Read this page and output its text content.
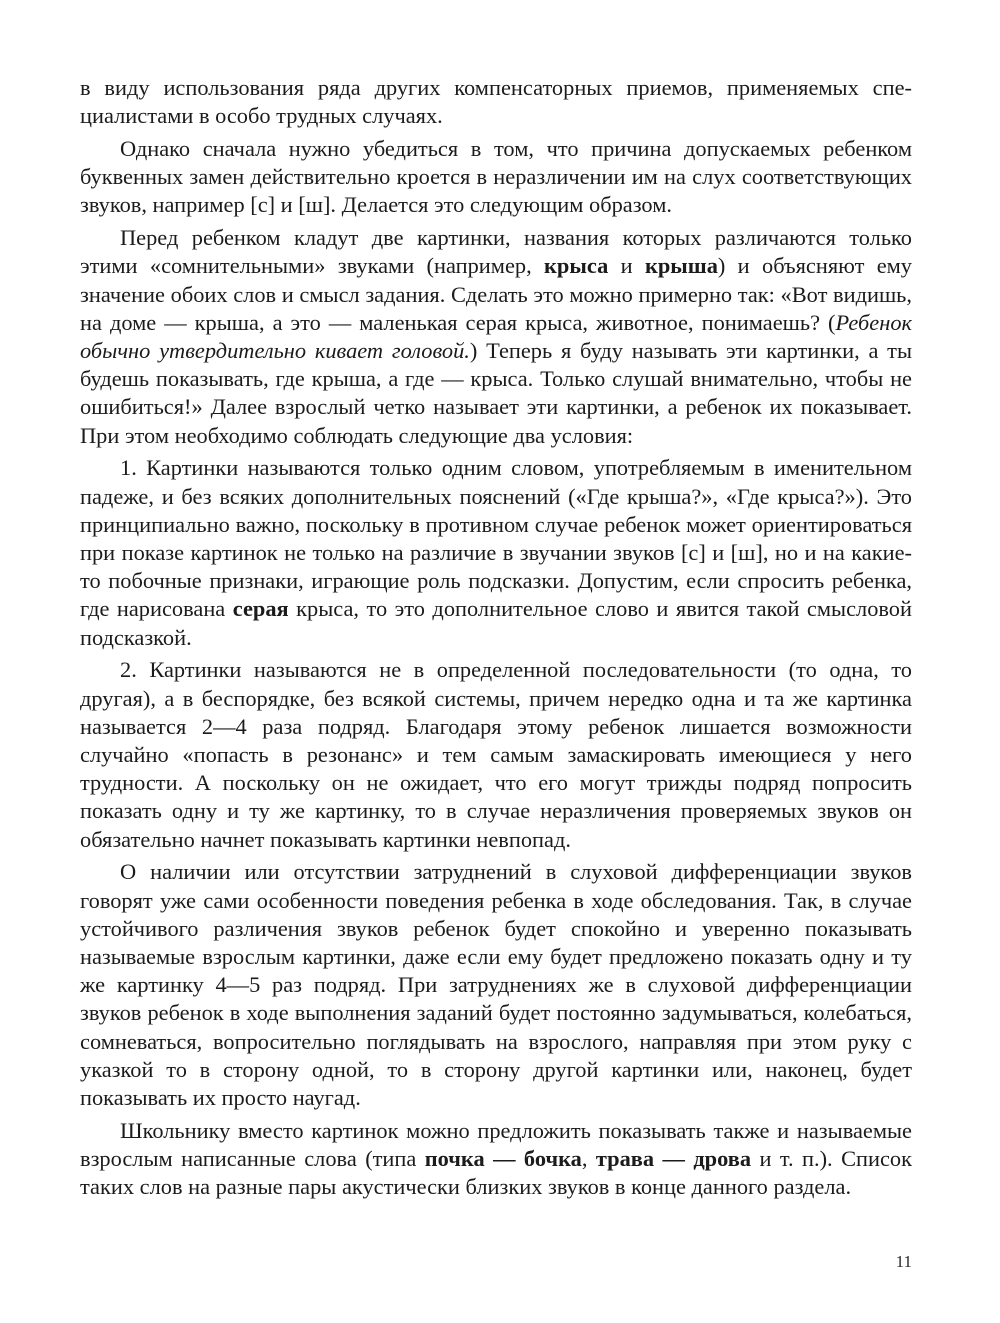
в виду использования ряда других компенсаторных приемов, применяемых специалистами в особо трудных случаях.

Однако сначала нужно убедиться в том, что причина допускаемых ребенком буквенных замен действительно кроется в неразличении им на слух соответствующих звуков, например [с] и [ш]. Делается это следующим образом.

Перед ребенком кладут две картинки, названия которых различаются только этими «сомнительными» звуками (например, крыса и крыша) и объясняют ему значение обоих слов и смысл задания. Сделать это можно примерно так: «Вот видишь, на доме — крыша, а это — маленькая серая крыса, животное, понимаешь? (Ребенок обычно утвердительно кивает головой.) Теперь я буду называть эти картинки, а ты будешь показывать, где крыша, а где — крыса. Только слушай внимательно, чтобы не ошибиться!» Далее взрослый четко называет эти картинки, а ребенок их показывает. При этом необходимо соблюдать следующие два условия:

1. Картинки называются только одним словом, употребляемым в именительном падеже, и без всяких дополнительных пояснений («Где крыша?», «Где крыса?»). Это принципиально важно, поскольку в противном случае ребенок может ориентироваться при показе картинок не только на различие в звучании звуков [с] и [ш], но и на какие-то побочные признаки, играющие роль подсказки. Допустим, если спросить ребенка, где нарисована серая крыса, то это дополнительное слово и явится такой смысловой подсказкой.

2. Картинки называются не в определенной последовательности (то одна, то другая), а в беспорядке, без всякой системы, причем нередко одна и та же картинка называется 2—4 раза подряд. Благодаря этому ребенок лишается возможности случайно «попасть в резонанс» и тем самым замаскировать имеющиеся у него трудности. А поскольку он не ожидает, что его могут трижды подряд попросить показать одну и ту же картинку, то в случае неразличения проверяемых звуков он обязательно начнет показывать картинки невпопад.

О наличии или отсутствии затруднений в слуховой дифференциации звуков говорят уже сами особенности поведения ребенка в ходе обследования. Так, в случае устойчивого различения звуков ребенок будет спокойно и уверенно показывать называемые взрослым картинки, даже если ему будет предложено показать одну и ту же картинку 4—5 раз подряд. При затруднениях же в слуховой дифференциации звуков ребенок в ходе выполнения заданий будет постоянно задумываться, колебаться, сомневаться, вопросительно поглядывать на взрослого, направляя при этом руку с указкой то в сторону одной, то в сторону другой картинки или, наконец, будет показывать их просто наугад.

Школьнику вместо картинок можно предложить показывать также и называемые взрослым написанные слова (типа почка — бочка, трава — дрова и т. п.). Список таких слов на разные пары акустически близких звуков в конце данного раздела.

11
